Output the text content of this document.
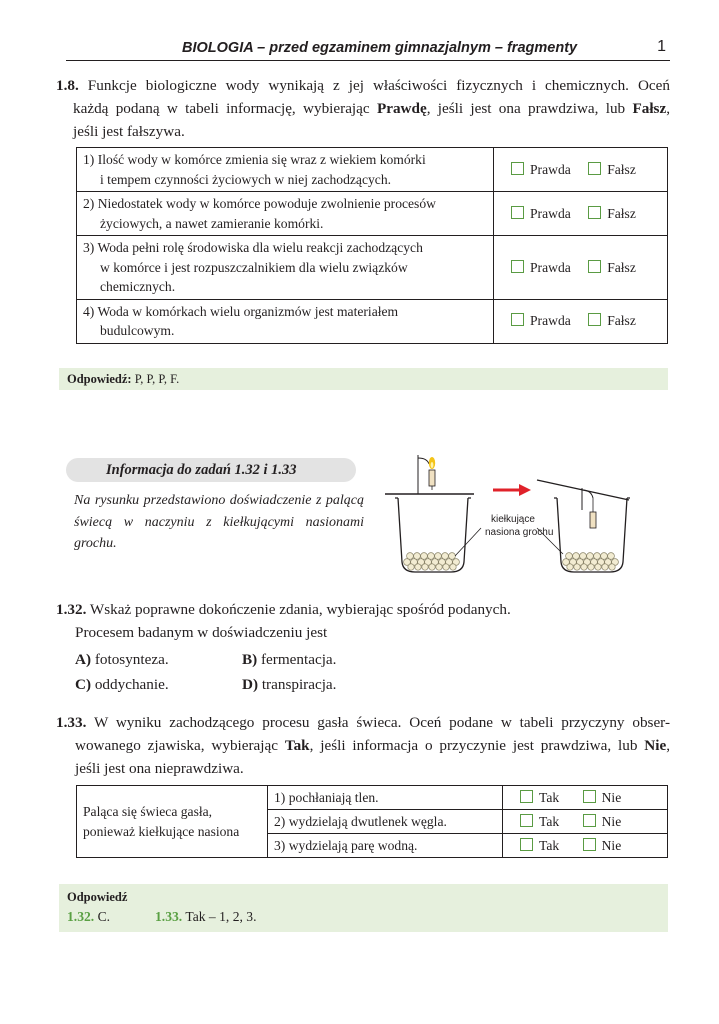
BIOLOGIA – przed egzaminem gimnazjalnym – fragmenty	1
1.8. Funkcje biologiczne wody wynikają z jej właściwości fizycznych i chemicznych. Oceń
każdą podaną w tabeli informację, wybierając Prawdę, jeśli jest ona prawdziwa, lub Fałsz,
jeśli jest fałszywa.
1) Ilość wody w komórce zmienia się wraz z wiekiem komórki
i tempem czynności życiowych w niej zachodzących.	Prawda Fałsz

2) Niedostatek wody w komórce powoduje zwolnienie procesów
życiowych, a nawet zamieranie komórki.	Prawda Fałsz

3) Woda pełni rolę środowiska dla wielu reakcji zachodzących
w komórce i jest rozpuszczalnikiem dla wielu związków
chemicznych.	Prawda Fałsz

4) Woda w komórkach wielu organizmów jest materiałem
budulcowym.	Prawda Fałsz
Odpowiedź: P, P, P, F.
Informacja do zadań 1.32 i 1.33
Na rysunku przedstawiono doświadczenie z palącą świecą w naczyniu z kiełkującymi nasionami grochu.
kiełkujące
nasiona grochu
1.32. Wskaż poprawne dokończenie zdania, wybierając spośród podanych.
Procesem badanym w doświadczeniu jest
A) fotosynteza.	B) fermentacja.
C) oddychanie.	D) transpiracja.
1.33. W wyniku zachodzącego procesu gasła świeca. Oceń podane w tabeli przyczyny obser-
wowanego zjawiska, wybierając Tak, jeśli informacja o przyczynie jest prawdziwa, lub Nie,
jeśli jest ona nieprawdziwa.
Paląca się świeca gasła,
ponieważ kiełkujące nasiona	1) pochłaniają tlen.	Tak Nie
	2) wydzielają dwutlenek węgla.	Tak Nie
	3) wydzielają parę wodną.	Tak Nie
Odpowiedź
1.32. C.	1.33. Tak – 1, 2, 3.
